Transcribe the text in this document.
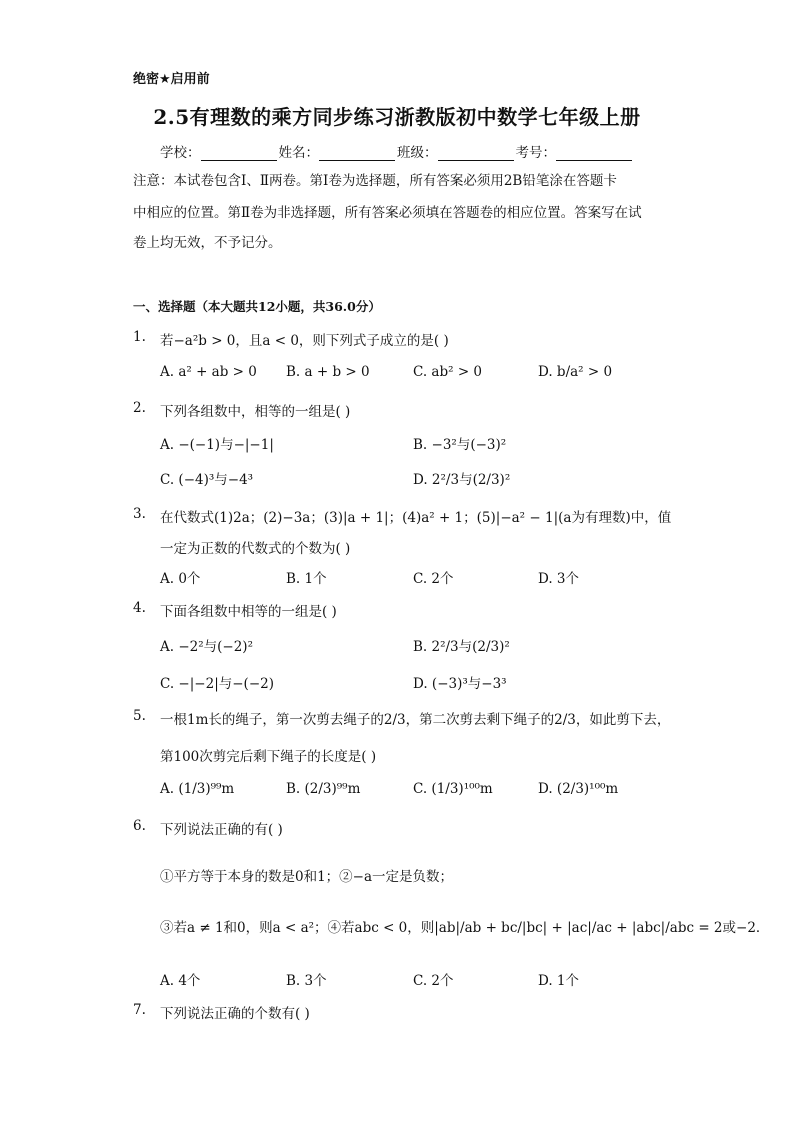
绝密★启用前
2.5有理数的乘方同步练习浙教版初中数学七年级上册
学校：	姓名：	班级：	考号：
注意：本试卷包含Ⅰ、Ⅱ两卷。第Ⅰ卷为选择题，所有答案必须用2B铅笔涂在答题卡
中相应的位置。第Ⅱ卷为非选择题，所有答案必须填在答题卷的相应位置。答案写在试
卷上均无效，不予记分。
一、选择题（本大题共12小题，共36.0分）
1. 若−a²b > 0，且a < 0，则下列式子成立的是( )
A. a² + ab > 0 B. a + b > 0	C. ab² > 0	D. b/a² > 0
2. 下列各组数中，相等的一组是( )
A. −(−1)与−|−1|	B. −3²与(−3)²
C. (−4)³与−4³	D. 2²/3与(2/3)²
3. 在代数式(1)2a；(2)−3a；(3)|a + 1|；(4)a² + 1；(5)|−a² − 1|(a为有理数)中，值
一定为正数的代数式的个数为( )
A. 0个	B. 1个	C. 2个	D. 3个
4. 下面各组数中相等的一组是( )
A. −2²与(−2)²	B. 2²/3与(2/3)²
C. −|−2|与−(−2)	D. (−3)³与−3³
5. 一根1m长的绳子，第一次剪去绳子的2/3，第二次剪去剩下绳子的2/3，如此剪下去，
第100次剪完后剩下绳子的长度是( )
A. (1/3)⁹⁹m	B. (2/3)⁹⁹m	C. (1/3)¹⁰⁰m	D. (2/3)¹⁰⁰m
6. 下列说法正确的有( )
①平方等于本身的数是0和1；②−a一定是负数；
③若a ≠ 1和0，则a < a²；④若abc < 0，则|ab|/ab + bc/|bc| + |ac|/ac + |abc|/abc = 2或−2．
A. 4个	B. 3个	C. 2个	D. 1个
7. 下列说法正确的个数有( )
